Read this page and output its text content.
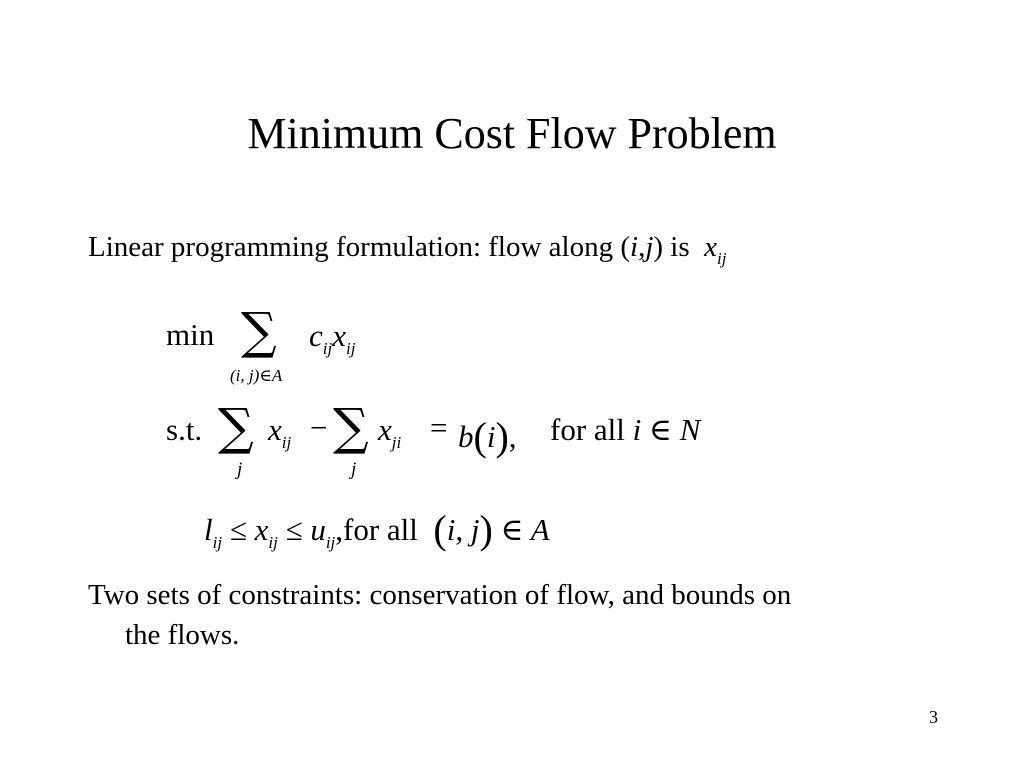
Minimum Cost Flow Problem
Linear programming formulation: flow along (i,j) is $x_{ij}$
min ∑
(i, j)∈A
$c_{ij}x_{ij}$
s.t. ∑
j
$x_{ij}$ − ∑
j
$x_{ji} = b(i)$, for all i ∈ N
$l_{ij} \le x_{ij} \le u_{ij},for$ all (i, j) ∈ A
Two sets of constraints: conservation of flow, and bounds on
the flows.
3
